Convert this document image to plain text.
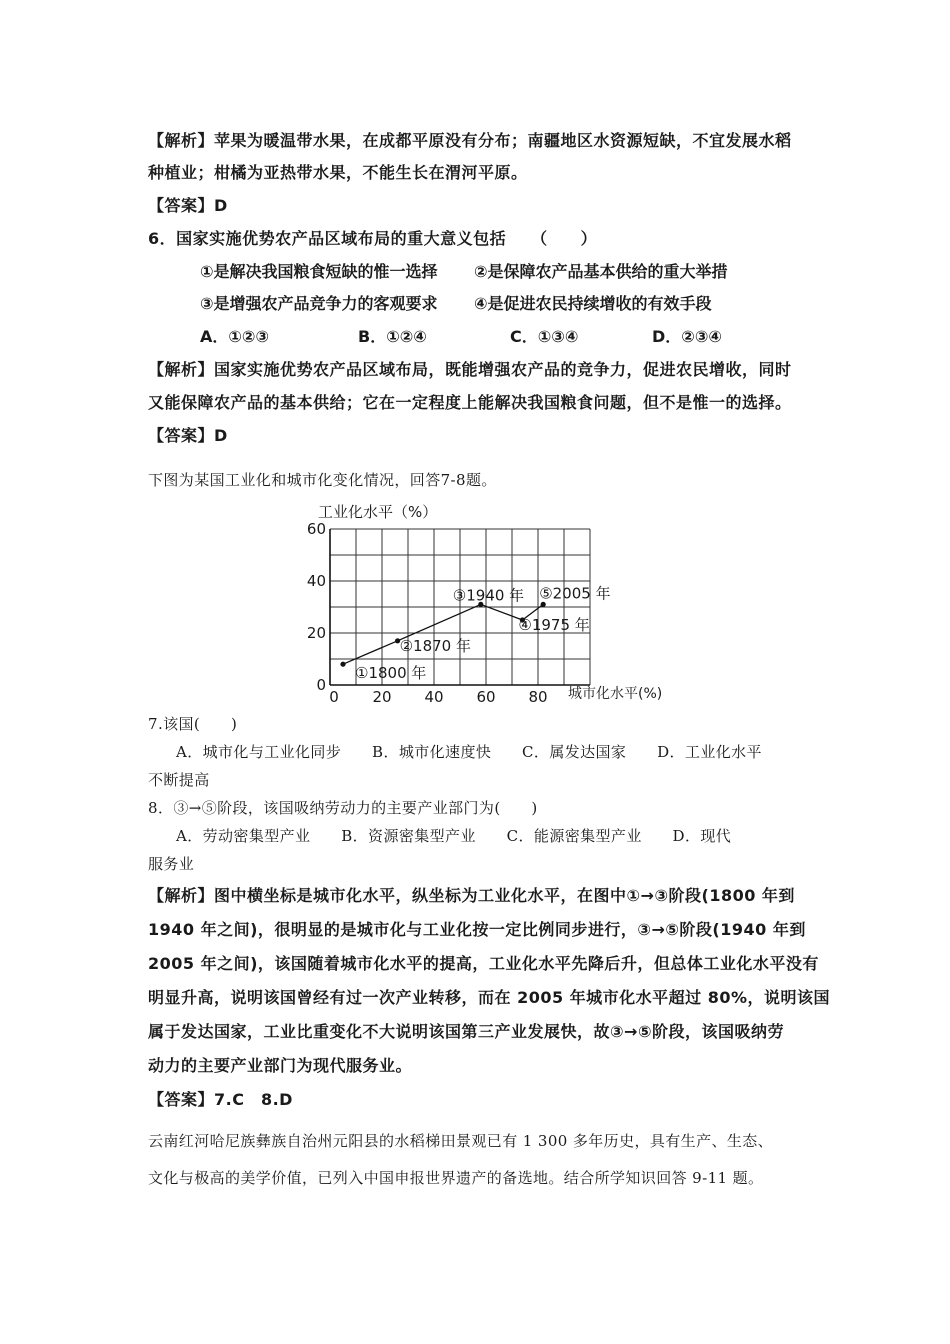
【解析】苹果为暖温带水果，在成都平原没有分布；南疆地区水资源短缺，不宜发展水稻
种植业；柑橘为亚热带水果，不能生长在渭河平原。
【答案】D
6．国家实施优势农产品区域布局的重大意义包括　　（　　）
①是解决我国粮食短缺的惟一选择 ②是保障农产品基本供给的重大举措
③是增强农产品竞争力的客观要求 ④是促进农民持续增收的有效手段
A．①②③	B．①②④	C．①③④	D．②③④
【解析】国家实施优势农产品区域布局，既能增强农产品的竞争力，促进农民增收，同时
又能保障农产品的基本供给；它在一定程度上能解决我国粮食问题，但不是惟一的选择。
【答案】D
下图为某国工业化和城市化变化情况，回答7-8题。
0
20
40
60
0 20 40 60 80
①1800 年
②1870 年
③1940 年
④1975 年
⑤2005 年
工业化水平（%）
城市化水平(%)
7.该国(　　)
A．城市化与工业化同步　　B．城市化速度快　　C．属发达国家　　D．工业化水平
不断提高
8．③→⑤阶段，该国吸纳劳动力的主要产业部门为(　　)
A．劳动密集型产业　　B．资源密集型产业　　C．能源密集型产业　　D．现代
服务业
【解析】图中横坐标是城市化水平，纵坐标为工业化水平，在图中①→③阶段(1800 年到
1940 年之间)，很明显的是城市化与工业化按一定比例同步进行，③→⑤阶段(1940 年到
2005 年之间)，该国随着城市化水平的提高，工业化水平先降后升，但总体工业化水平没有
明显升高，说明该国曾经有过一次产业转移，而在 2005 年城市化水平超过 80%，说明该国
属于发达国家，工业比重变化不大说明该国第三产业发展快，故③→⑤阶段，该国吸纳劳
动力的主要产业部门为现代服务业。
【答案】7.C　8.D
云南红河哈尼族彝族自治州元阳县的水稻梯田景观已有 1 300 多年历史，具有生产、生态、
文化与极高的美学价值，已列入中国申报世界遗产的备选地。结合所学知识回答 9-11 题。
